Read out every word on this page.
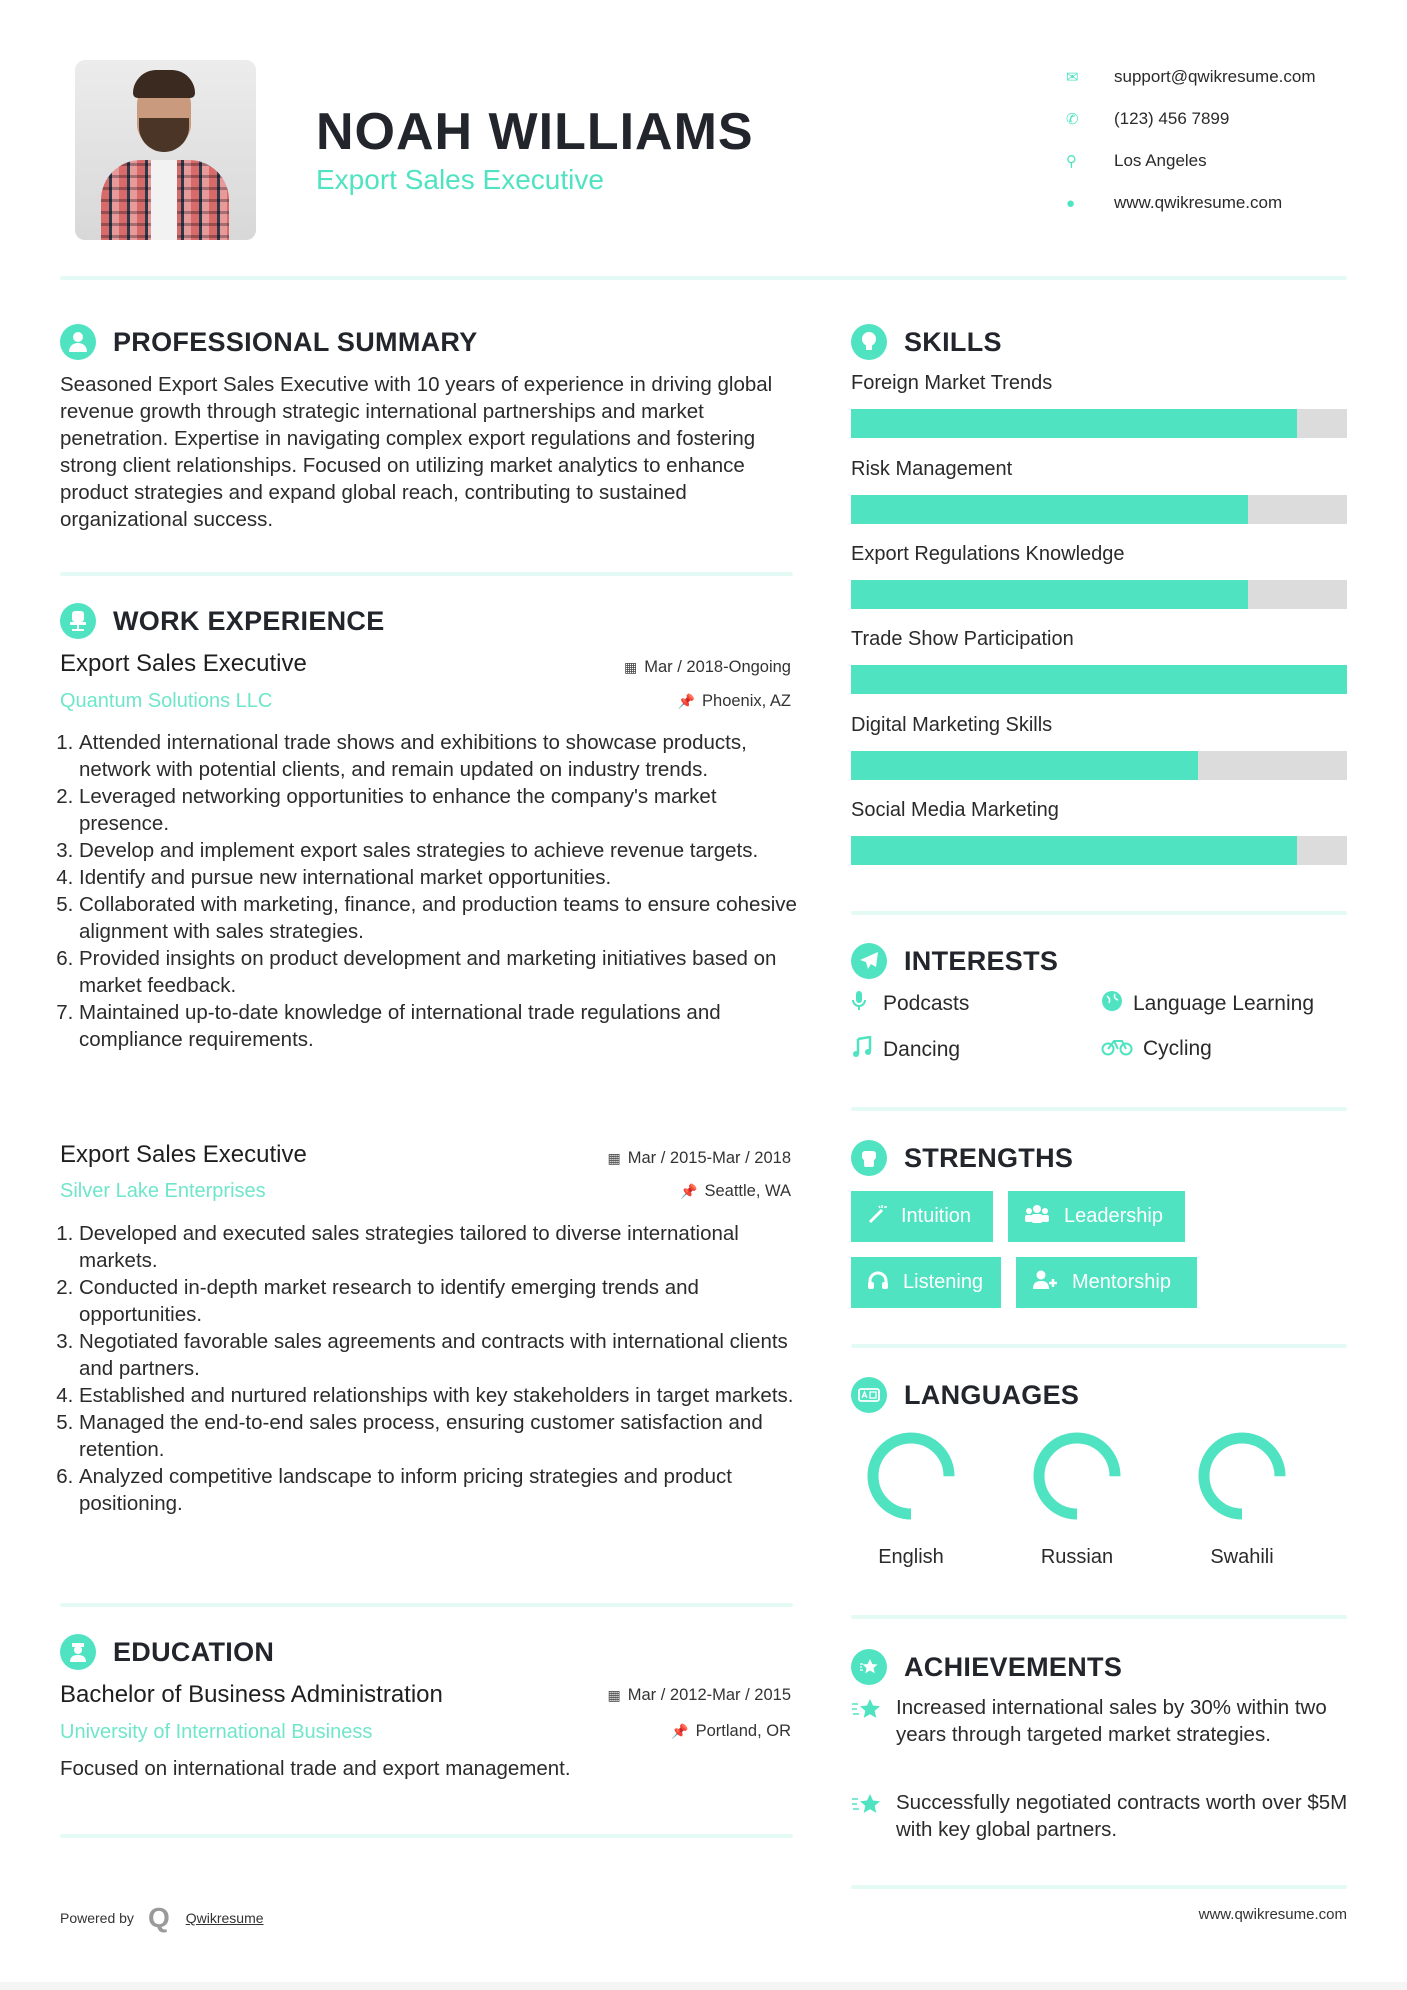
NOAH WILLIAMS
Export Sales Executive
✉	support@qwikresume.com
✆	(123) 456 7899
⚲	Los Angeles
●	www.qwikresume.com
PROFESSIONAL SUMMARY
Seasoned Export Sales Executive with 10 years of experience in driving global revenue growth through strategic international partnerships and market penetration. Expertise in navigating complex export regulations and fostering strong client relationships. Focused on utilizing market analytics to enhance product strategies and expand global reach, contributing to sustained organizational success.
WORK EXPERIENCE
Export Sales Executive	▦ Mar / 2018-Ongoing
Quantum Solutions LLC	📌 Phoenix, AZ
1. Attended international trade shows and exhibitions to showcase products, network with potential clients, and remain updated on industry trends.
2. Leveraged networking opportunities to enhance the company's market presence.
3. Develop and implement export sales strategies to achieve revenue targets.
4. Identify and pursue new international market opportunities.
5. Collaborated with marketing, finance, and production teams to ensure cohesive alignment with sales strategies.
6. Provided insights on product development and marketing initiatives based on market feedback.
7. Maintained up-to-date knowledge of international trade regulations and compliance requirements.
Export Sales Executive	▦ Mar / 2015-Mar / 2018
Silver Lake Enterprises	📌 Seattle, WA
1. Developed and executed sales strategies tailored to diverse international markets.
2. Conducted in-depth market research to identify emerging trends and opportunities.
3. Negotiated favorable sales agreements and contracts with international clients and partners.
4. Established and nurtured relationships with key stakeholders in target markets.
5. Managed the end-to-end sales process, ensuring customer satisfaction and retention.
6. Analyzed competitive landscape to inform pricing strategies and product positioning.
EDUCATION
Bachelor of Business Administration	▦ Mar / 2012-Mar / 2015
University of International Business	📌 Portland, OR
Focused on international trade and export management.
SKILLS
Foreign Market Trends
Risk Management
Export Regulations Knowledge
Trade Show Participation
Digital Marketing Skills
Social Media Marketing
INTERESTS
Podcasts	Language Learning
Dancing	Cycling
STRENGTHS
Intuition	Leadership
Listening	Mentorship
LANGUAGES
English	Russian	Swahili
ACHIEVEMENTS
Increased international sales by 30% within two years through targeted market strategies.
Successfully negotiated contracts worth over $5M with key global partners.
Powered by Q Qwikresume	www.qwikresume.com
